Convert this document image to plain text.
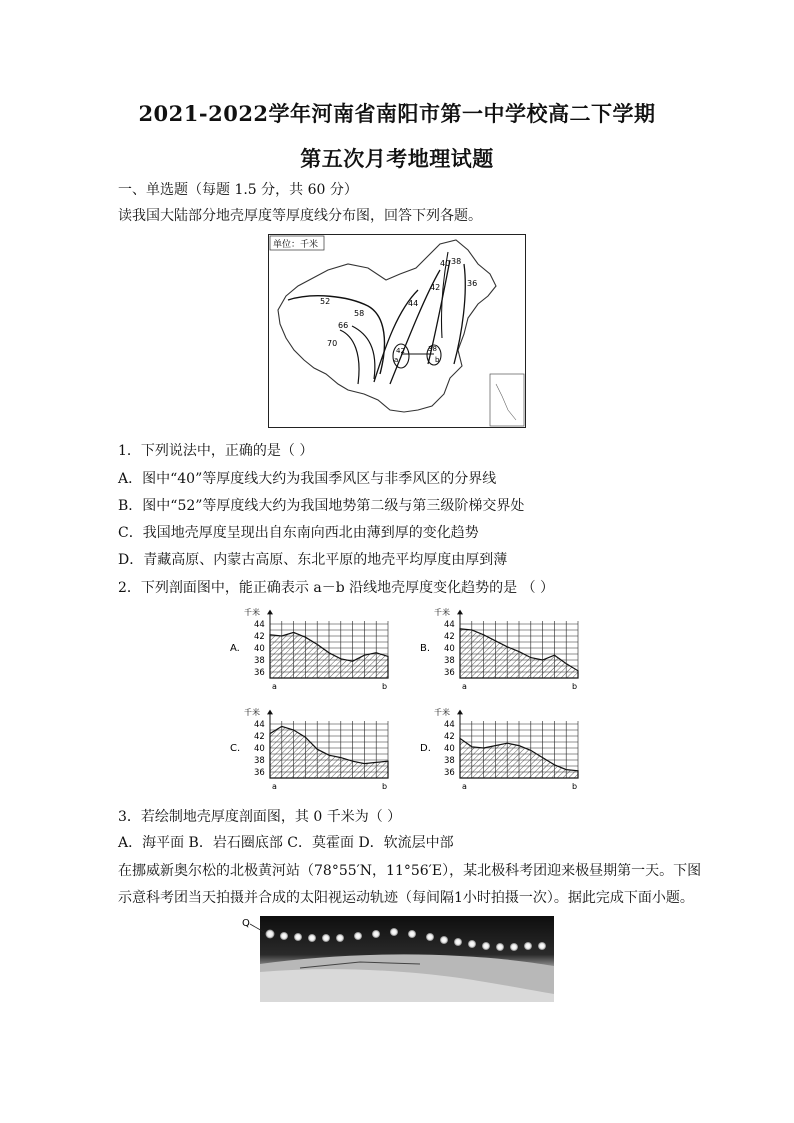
2021-2022学年河南省南阳市第一中学校高二下学期
第五次月考地理试题
一、单选题（每题 1.5 分，共 60 分）
读我国大陆部分地壳厚度等厚度线分布图，回答下列各题。
单位：千米
40 38
36
42
44
52
58
66
70
42	38
a	b
1．下列说法中，正确的是（ ）
A．图中“40”等厚度线大约为我国季风区与非季风区的分界线
B．图中“52”等厚度线大约为我国地势第二级与第三级阶梯交界处
C．我国地壳厚度呈现出自东南向西北由薄到厚的变化趋势
D．青藏高原、内蒙古高原、东北平原的地壳平均厚度由厚到薄
2．下列剖面图中，能正确表示 a－b 沿线地壳厚度变化趋势的是 （ ）
千米
44
42
40
38
36
a	b
A.
千米
44
42
40
38
36
a	b
B.
千米
44
42
40
38
36
a	b
C.
千米
44
42
40
38
36
a	b
D.
3．若绘制地壳厚度剖面图，其 0 千米为（ ）
A．海平面 B．岩石圈底部 C．莫霍面 D．软流层中部
在挪威新奥尔松的北极黄河站（78°55′N，11°56′E），某北极科考团迎来极昼期第一天。下图
示意科考团当天拍摄并合成的太阳视运动轨迹（每间隔1小时拍摄一次）。据此完成下面小题。
Q
